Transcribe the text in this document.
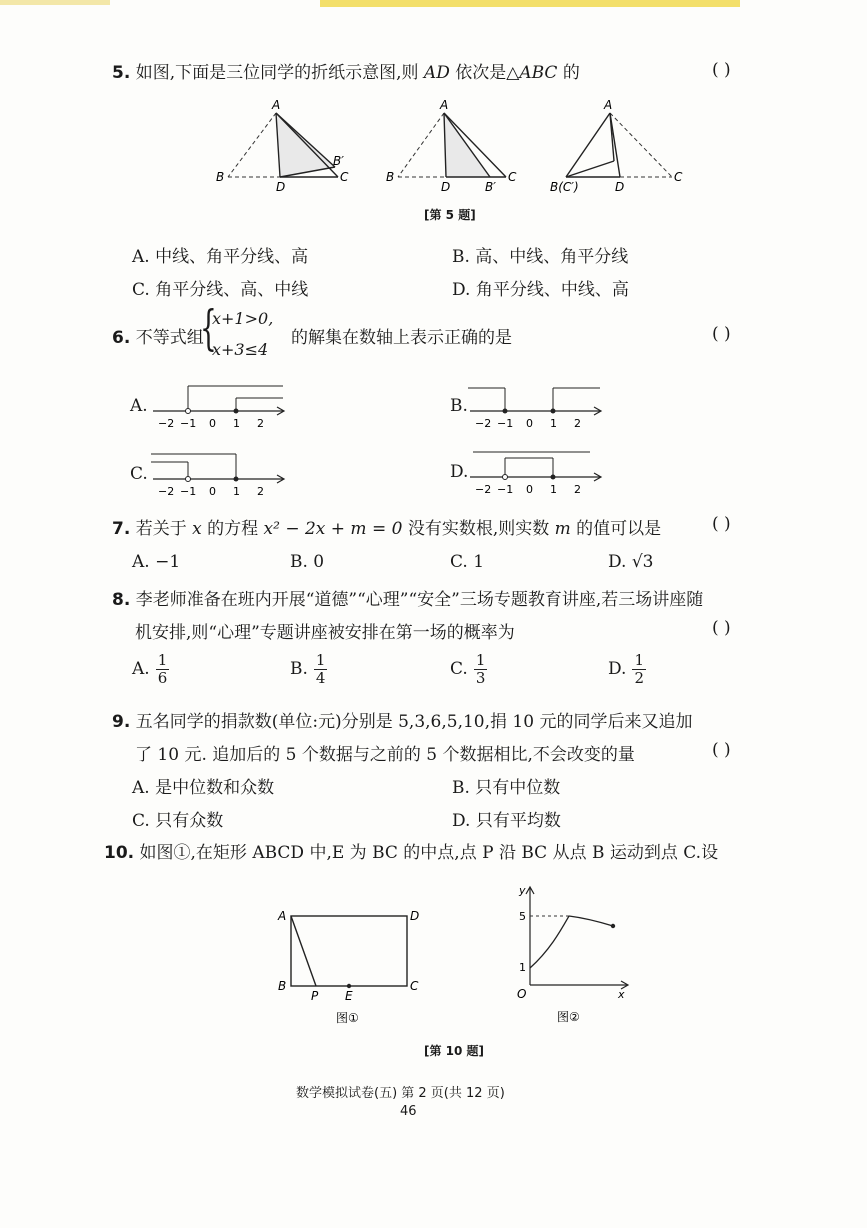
5. 如图,下面是三位同学的折纸示意图,则 AD 依次是△ABC 的	( )
A
B
D
C
B′
A
B
D	B′
C
A
B(C′)	D
C
[第 5 题]
A. 中线、角平分线、高	B. 高、中线、角平分线
C. 角平分线、高、中线	D. 角平分线、中线、高
6. 不等式组
{
x+1>0,
x+3≤4
的解集在数轴上表示正确的是	( )
A.
−2 −1 0 1 2
B.
−2 −1 0 1 2
C.
−2 −1 0 1 2
D.
−2 −1 0 1 2
7. 若关于 x 的方程 x² − 2x + m = 0 没有实数根,则实数 m 的值可以是	( )
A. −1	B. 0	C. 1	D. √3
8. 李老师准备在班内开展“道德”“心理”“安全”三场专题教育讲座,若三场讲座随
机安排,则“心理”专题讲座被安排在第一场的概率为	( )
A. $\frac{1}{6}$	B. $\frac{1}{4}$	C. $\frac{1}{3}$	D. $\frac{1}{2}$
9. 五名同学的捐款数(单位:元)分别是 5,3,6,5,10,捐 10 元的同学后来又追加
了 10 元. 追加后的 5 个数据与之前的 5 个数据相比,不会改变的量	( )
A. 是中位数和众数	B. 只有中位数
C. 只有众数	D. 只有平均数
10. 如图①,在矩形 ABCD 中,E 为 BC 的中点,点 P 沿 BC 从点 B 运动到点 C.设
A	D
B	C
P E
图①
y
x
O
5
1
图②
[第 10 题]
数学模拟试卷(五) 第 2 页(共 12 页)
46
